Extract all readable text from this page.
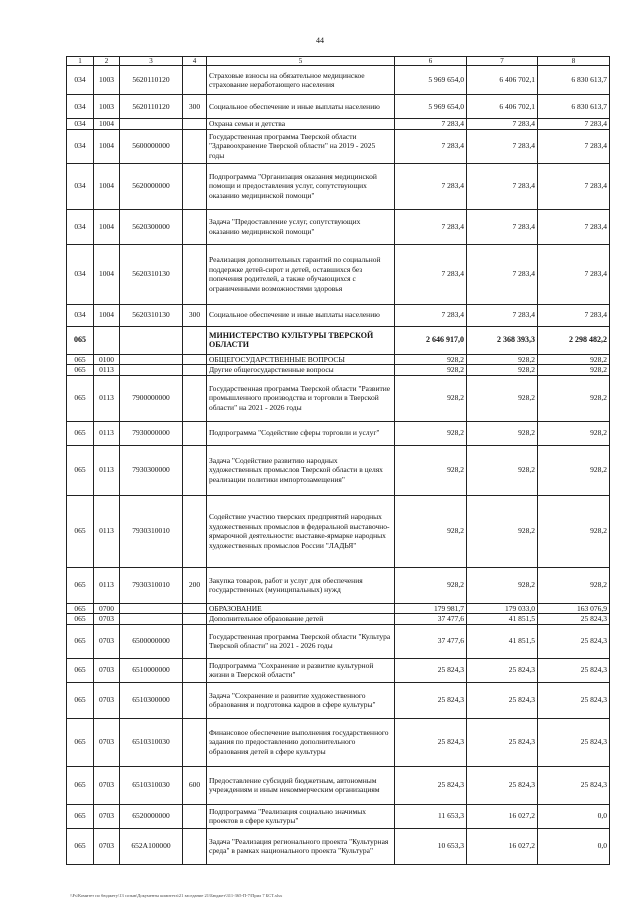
44
1	2	3	4	5	6	7	8
034	1003	5620110120		Страховые взносы на обязательное медицинское страхование неработающего населения	5 969 654,0	6 406 702,1	6 830 613,7
034	1003	5620110120	300	Социальное обеспечение и иные выплаты населению	5 969 654,0	6 406 702,1	6 830 613,7
034	1004			Охрана семьи и детства	7 283,4	7 283,4	7 283,4
034	1004	5600000000		Государственная программа Тверской области "Здравоохранение Тверской области" на 2019 - 2025 годы	7 283,4	7 283,4	7 283,4
034	1004	5620000000		Подпрограмма "Организация оказания медицинской помощи и предоставления услуг, сопутствующих оказанию медицинской помощи"	7 283,4	7 283,4	7 283,4
034	1004	5620300000		Задача "Предоставление услуг, сопутствующих оказанию медицинской помощи"	7 283,4	7 283,4	7 283,4
034	1004	5620310130		Реализация дополнительных гарантий по социальной поддержке детей-сирот и детей, оставшихся без попечения родителей, а также обучающихся с ограниченными возможностями здоровья	7 283,4	7 283,4	7 283,4
034	1004	5620310130	300	Социальное обеспечение и иные выплаты населению	7 283,4	7 283,4	7 283,4
065				МИНИСТЕРСТВО КУЛЬТУРЫ ТВЕРСКОЙ ОБЛАСТИ	2 646 917,0	2 368 393,3	2 298 482,2
065	0100			ОБЩЕГОСУДАРСТВЕННЫЕ ВОПРОСЫ	928,2	928,2	928,2
065	0113			Другие общегосударственные вопросы	928,2	928,2	928,2
065	0113	7900000000		Государственная программа Тверской области "Развитие промышленного производства и торговли в Тверской области" на 2021 - 2026 годы	928,2	928,2	928,2
065	0113	7930000000		Подпрограмма "Содействие сферы торговли и услуг"	928,2	928,2	928,2
065	0113	7930300000		Задача "Содействие развитию народных художественных промыслов Тверской области в целях реализации политики импортозамещения"	928,2	928,2	928,2
065	0113	7930310010		Содействие участию тверских предприятий народных художественных промыслов в федеральной выставочно-ярмарочной деятельности: выставке-ярмарке народных художественных промыслов России "ЛАДЬЯ"	928,2	928,2	928,2
065	0113	7930310010	200	Закупка товаров, работ и услуг для обеспечения государственных (муниципальных) нужд	928,2	928,2	928,2
065	0700			ОБРАЗОВАНИЕ	179 981,7	179 033,0	163 076,9
065	0703			Дополнительное образование детей	37 477,6	41 851,5	25 824,3
065	0703	6500000000		Государственная программа Тверской области "Культура Тверской области" на 2021 - 2026 годы	37 477,6	41 851,5	25 824,3
065	0703	6510000000		Подпрограмма "Сохранение и развитие культурной жизни в Тверской области"	25 824,3	25 824,3	25 824,3
065	0703	6510300000		Задача "Сохранение и развитие художественного образования и подготовка кадров в сфере культуры"	25 824,3	25 824,3	25 824,3
065	0703	6510310030		Финансовое обеспечение выполнения государственного задания по предоставлению дополнительного образования детей в сфере культуры	25 824,3	25 824,3	25 824,3
065	0703	6510310030	600	Предоставление субсидий бюджетным, автономным учреждениям и иным некоммерческим организациям	25 824,3	25 824,3	25 824,3
065	0703	6520000000		Подпрограмма "Реализация социально значимых проектов в сфере культуры"	11 653,3	16 027,2	0,0
065	0703	652A100000		Задача "Реализация регионального проекта "Культурная среда" в рамках национального проекта "Культура"	10 653,3	16 027,2	0,0
\\Fs\Комитет по бюджету\13 созыв\Документы комитета\21 заседание 21\Бюджет\311-365-П-7\Прил 7 БСТ.xlsx
